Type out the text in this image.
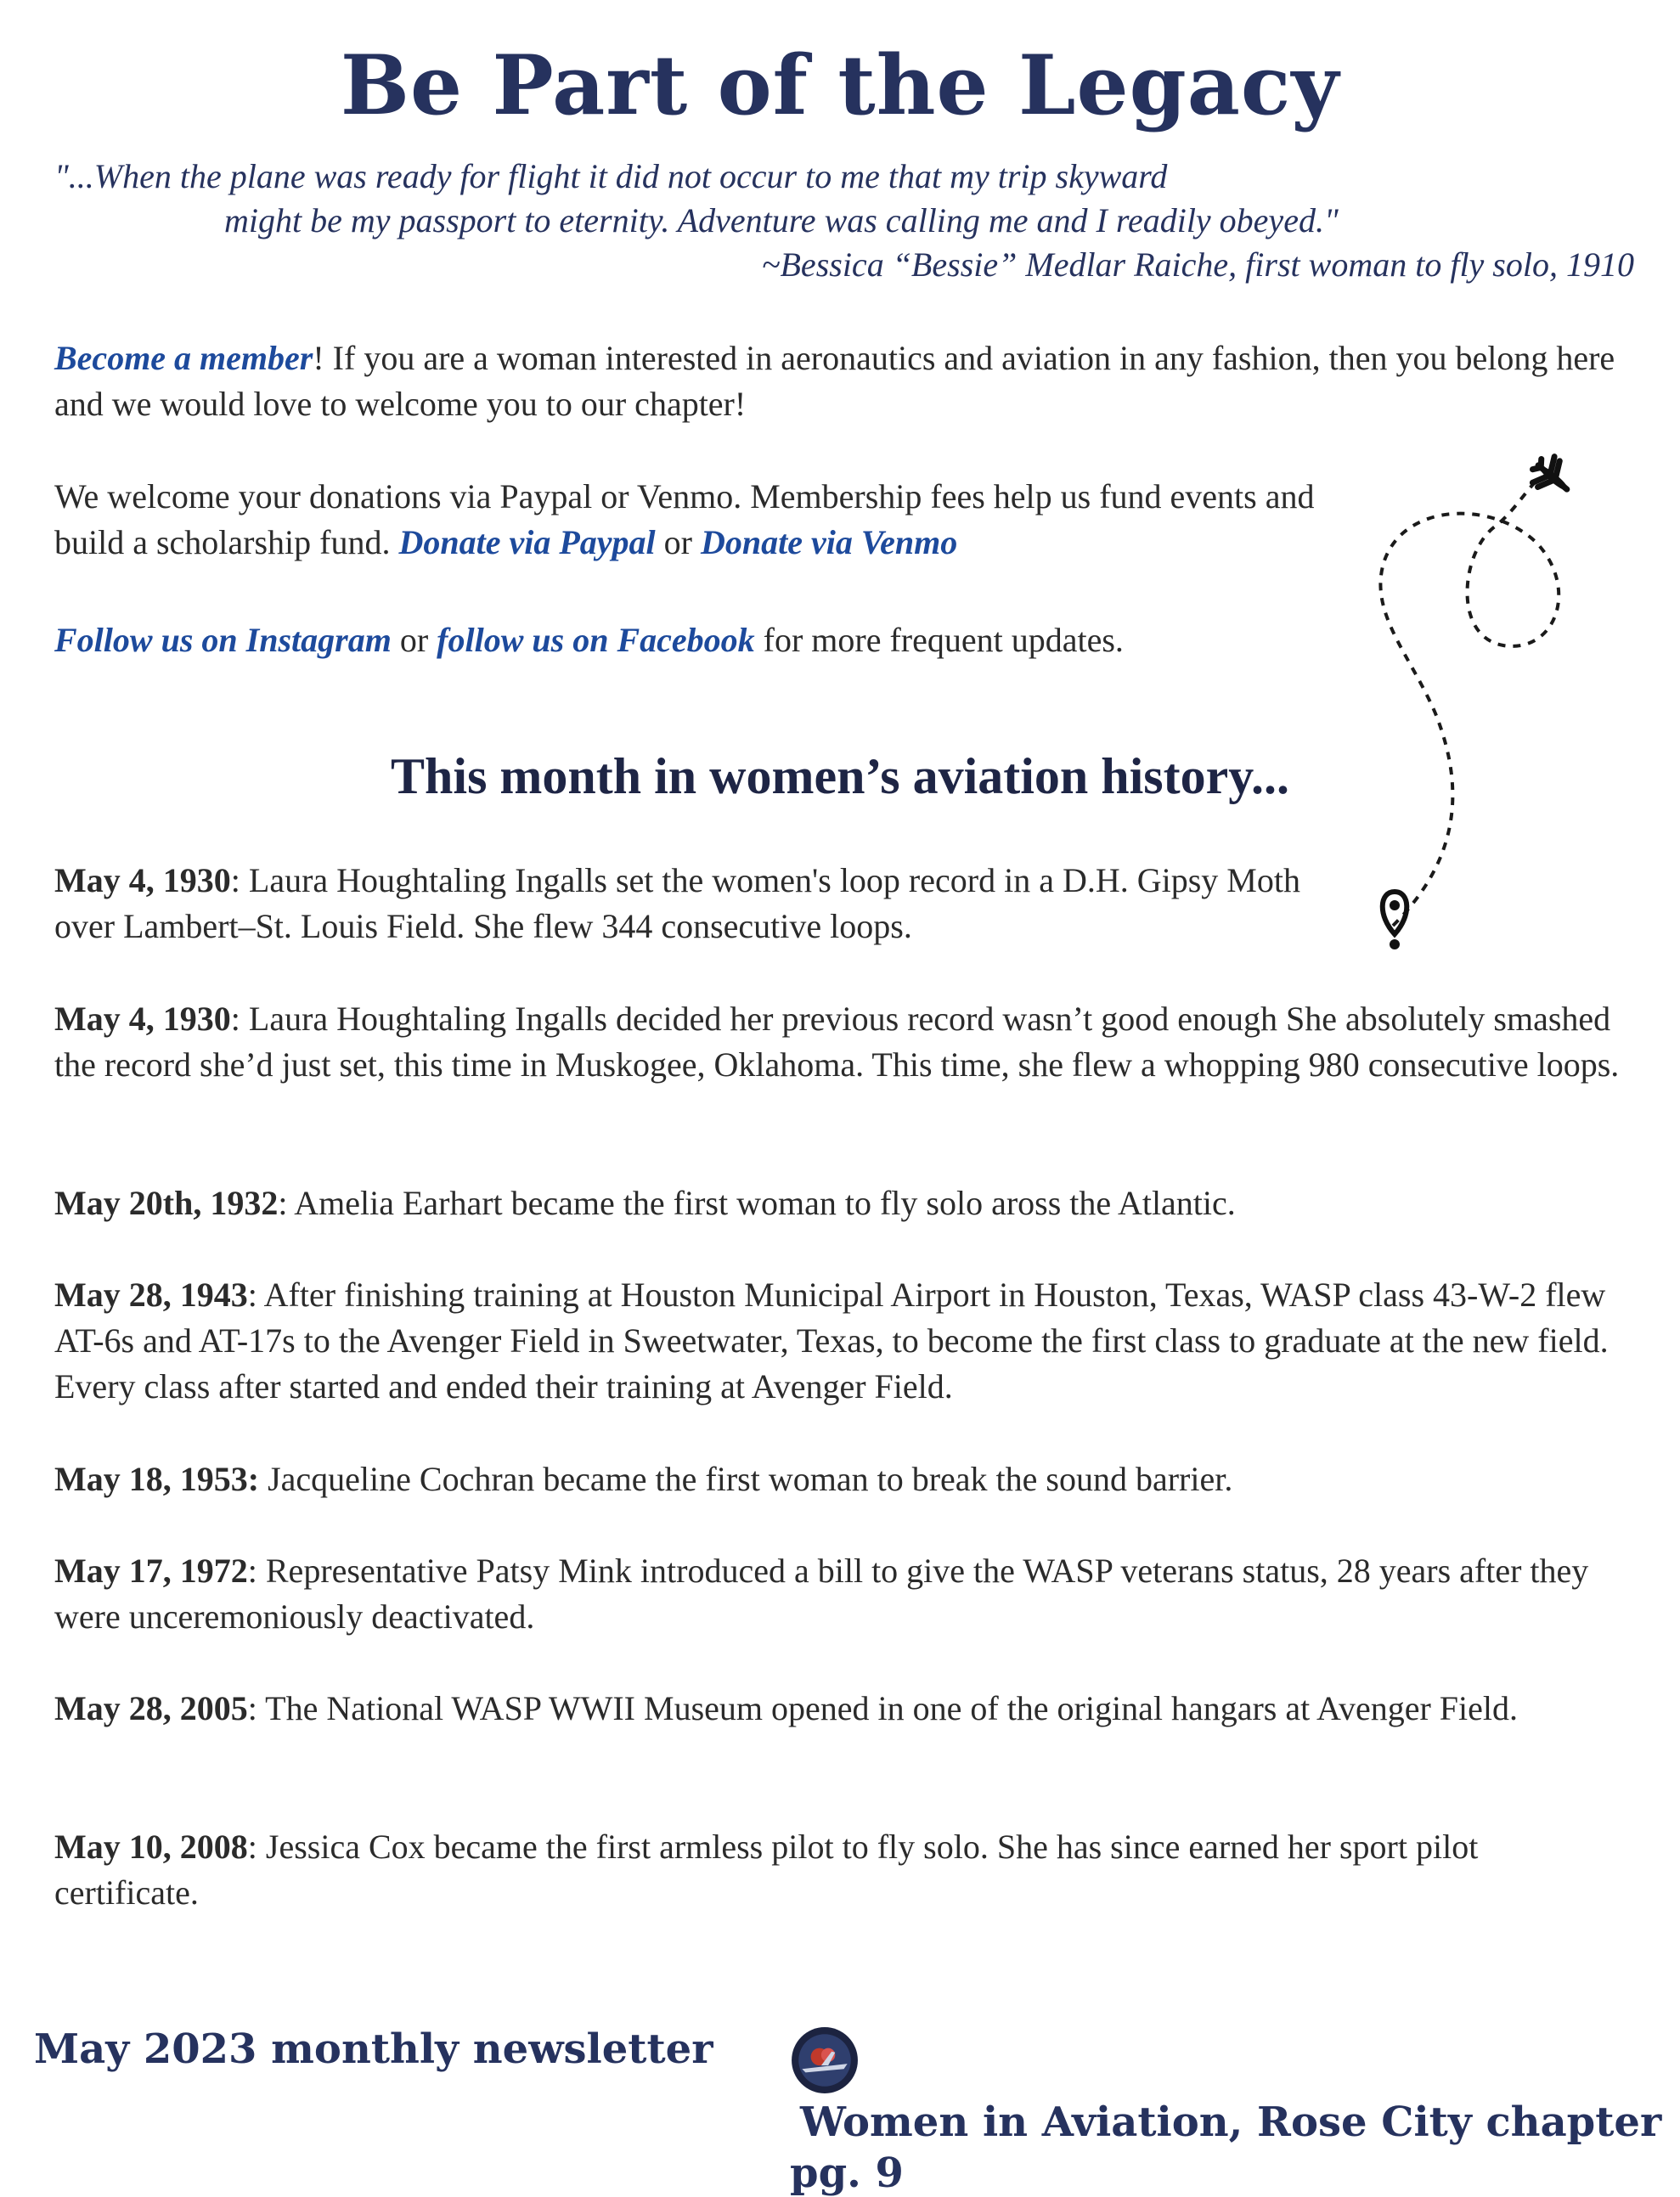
Be Part of the Legacy
"...When the plane was ready for flight it did not occur to me that my trip skyward
might be my passport to eternity. Adventure was calling me and I readily obeyed."
~Bessica “Bessie” Medlar Raiche, first woman to fly solo, 1910
Become a member! If you are a woman interested in aeronautics and aviation in any fashion, then you belong here and we would love to welcome you to our chapter!
We welcome your donations via Paypal or Venmo. Membership fees help us fund events and build a scholarship fund. Donate via Paypal or Donate via Venmo
Follow us on Instagram or follow us on Facebook for more frequent updates.
This month in women’s aviation history...
May 4, 1930: Laura Houghtaling Ingalls set the women's loop record in a D.H. Gipsy Moth over Lambert–St. Louis Field. She flew 344 consecutive loops.
May 4, 1930: Laura Houghtaling Ingalls decided her previous record wasn’t good enough She absolutely smashed the record she’d just set, this time in Muskogee, Oklahoma. This time, she flew a whopping 980 consecutive loops.
May 20th, 1932: Amelia Earhart became the first woman to fly solo aross the Atlantic.
May 28, 1943: After finishing training at Houston Municipal Airport in Houston, Texas, WASP class 43-W-2 flew AT-6s and AT-17s to the Avenger Field in Sweetwater, Texas, to become the first class to graduate at the new field. Every class after started and ended their training at Avenger Field.
May 18, 1953: Jacqueline Cochran became the first woman to break the sound barrier.
May 17, 1972: Representative Patsy Mink introduced a bill to give the WASP veterans status, 28 years after they were unceremoniously deactivated.
May 28, 2005: The National WASP WWII Museum opened in one of the original hangars at Avenger Field.
May 10, 2008: Jessica Cox became the first armless pilot to fly solo. She has since earned her sport pilot certificate.
May 2023 monthly newsletter
Women in Aviation, Rose City chapter
pg. 9
